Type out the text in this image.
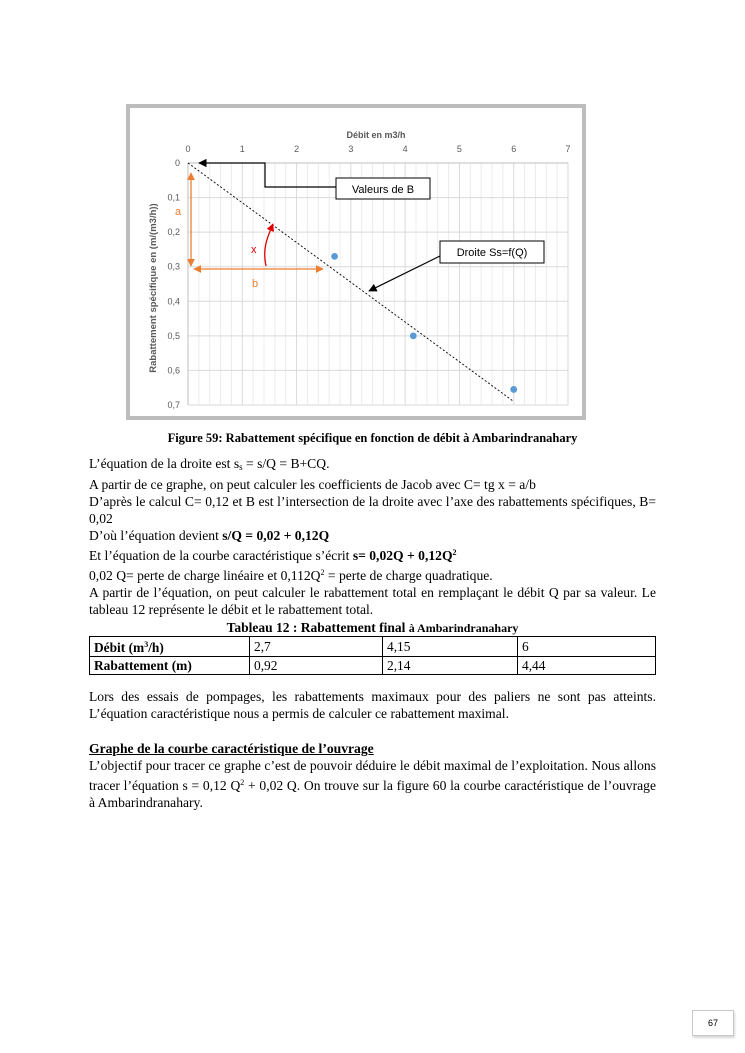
Débit en m3/h
Rabattement spécifique en (m/(m3/h))
0	1	2	3	4	5	6	7
0
0,1
0,2
0,3
0,4
0,5
0,6
0,7
Valeurs de B
Droite Ss=f(Q)
a
b
x
Figure 59: Rabattement spécifique en fonction de débit à Ambarindranahary

L’équation de la droite est $s_s = s/Q = B+CQ$.

A partir de ce graphe, on peut calculer les coefficients de Jacob avec C= tg x = a/b

D’après le calcul C= 0,12 et B est l’intersection de la droite avec l’axe des rabattements spécifiques, B= 0,02

D’où l’équation devient s/Q = 0,02 + 0,12Q

Et l’équation de la courbe caractéristique s’écrit $s= 0,02Q + 0,12Q^2$

0,02 Q= perte de charge linéaire et $0,112Q^2$ = perte de charge quadratique.

A partir de l’équation, on peut calculer le rabattement total en remplaçant le débit Q par sa valeur. Le tableau 12 représente le débit et le rabattement total.

Tableau 12 : Rabattement final à Ambarindranahary
Débit $(m^3/h)$	2,7	4,15	6
Rabattement (m)	0,92	2,14	4,44

Lors des essais de pompages, les rabattements maximaux pour des paliers ne sont pas atteints. L’équation caractéristique nous a permis de calculer ce rabattement maximal.

Graphe de la courbe caractéristique de l’ouvrage

L’objectif pour tracer ce graphe c’est de pouvoir déduire le débit maximal de l’exploitation. Nous allons tracer l’équation s = 0,12 $Q^2 + 0,02$ Q. On trouve sur la figure 60 la courbe caractéristique de l’ouvrage à Ambarindranahary.

67
